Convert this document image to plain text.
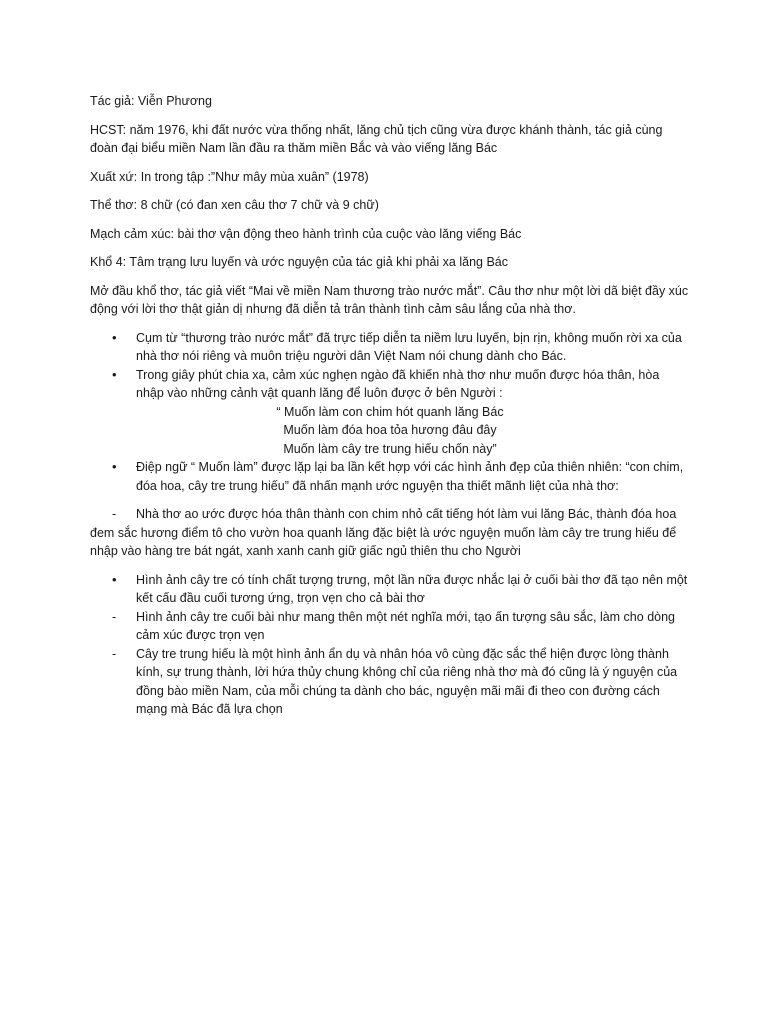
Tác giả: Viễn Phương

HCST: năm 1976, khi đất nước vừa thống nhất, lăng chủ tịch cũng vừa được khánh thành, tác giả cùng đoàn đại biểu miền Nam lần đầu ra thăm miền Bắc và vào viếng lăng Bác

Xuất xứ: In trong tập :”Như mây mùa xuân” (1978)

Thể thơ: 8 chữ (có đan xen câu thơ 7 chữ và 9 chữ)

Mạch cảm xúc: bài thơ vận động theo hành trình của cuộc vào lăng viếng Bác

Khổ 4: Tâm trạng lưu luyến và ước nguyện của tác giả khi phải xa lăng Bác

Mở đầu khổ thơ, tác giả viết “Mai về miền Nam thương trào nước mắt”. Câu thơ như một lời dã biệt đầy xúc động với lời thơ thật giản dị nhưng đã diễn tả trân thành tình cảm sâu lắng của nhà thơ.

•
Cụm từ “thương trào nước mắt” đã trực tiếp diễn ta niềm lưu luyến, bịn rịn, không muốn rời xa của nhà thơ nói riêng và muôn triệu người dân Việt Nam nói chung dành cho Bác.
•
Trong giây phút chia xa, cảm xúc nghẹn ngào đã khiến nhà thơ như muốn được hóa thân, hòa nhập vào những cảnh vật quanh lăng để luôn được ở bên Người :
“ Muốn làm con chim hót quanh lăng Bác
Muốn làm đóa hoa tỏa hương đâu đây
Muốn làm cây tre trung hiếu chốn này”
•
Điệp ngữ “ Muốn làm” được lặp lại ba lần kết hợp với các hình ảnh đẹp của thiên nhiên: “con chim, đóa hoa, cây tre trung hiếu” đã nhấn mạnh ước nguyện tha thiết mãnh liệt của nhà thơ:

- Nhà thơ ao ước được hóa thân thành con chim nhỏ cất tiếng hót làm vui lăng Bác, thành đóa hoa đem sắc hương điểm tô cho vườn hoa quanh lăng đặc biệt là ước nguyện muốn làm cây tre trung hiếu để nhập vào hàng tre bát ngát, xanh xanh canh giữ giấc ngủ thiên thu cho Người

•
Hình ảnh cây tre có tính chất tượng trưng, một lần nữa được nhắc lại ở cuối bài thơ đã tạo nên một kết cấu đầu cuối tương ứng, trọn vẹn cho cả bài thơ
-
Hình ảnh cây tre cuối bài như mang thên một nét nghĩa mới, tạo ấn tượng sâu sắc, làm cho dòng cảm xúc được trọn vẹn
-
Cây tre trung hiếu là một hình ảnh ẩn dụ và nhân hóa vô cùng đặc sắc thể hiện được lòng thành kính, sự trung thành, lời hứa thủy chung không chỉ của riêng nhà thơ mà đó cũng là ý nguyện của đồng bào miền Nam, của mỗi chúng ta dành cho bác, nguyện mãi mãi đi theo con đường cách mạng mà Bác đã lựa chọn
